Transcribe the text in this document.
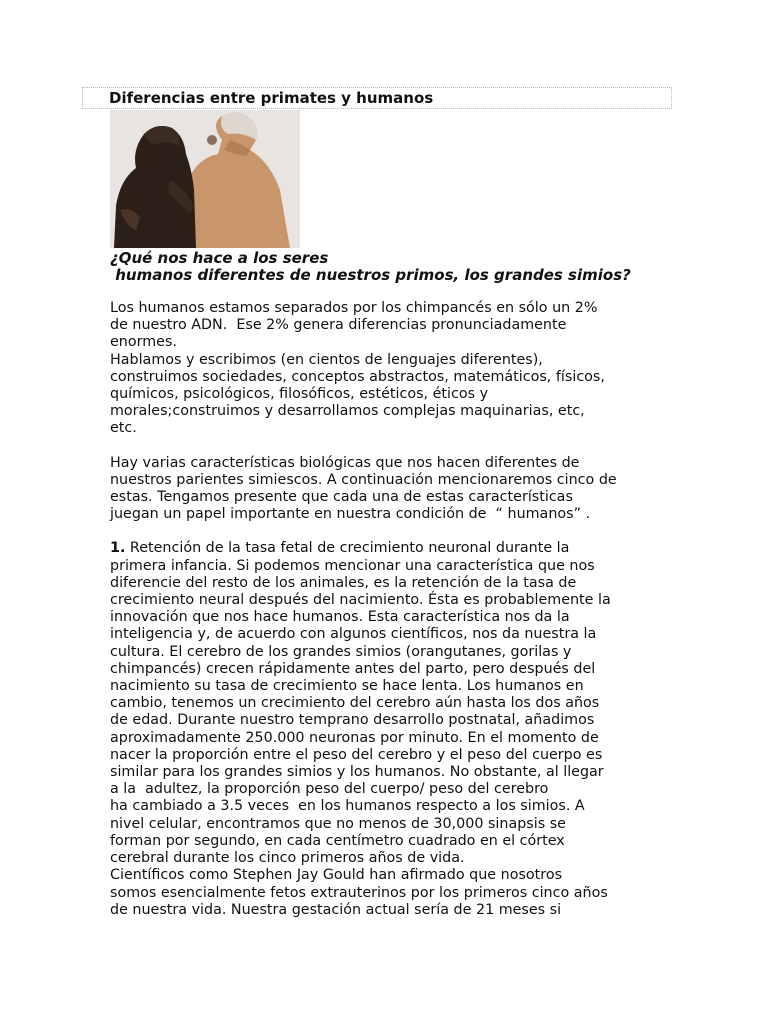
Diferencias entre primates y humanos
¿Qué nos hace a los seres
humanos diferentes de nuestros primos, los grandes simios?

Los humanos estamos separados por los chimpancés en sólo un 2%

de nuestro ADN.  Ese 2% genera diferencias pronunciadamente

enormes.

Hablamos y escribimos (en cientos de lenguajes diferentes),

construimos sociedades, conceptos abstractos, matemáticos, físicos,

químicos, psicológicos, filosóficos, estéticos, éticos y

morales;construimos y desarrollamos complejas maquinarias, etc,

etc.

Hay varias características biológicas que nos hacen diferentes de

nuestros parientes simiescos. A continuación mencionaremos cinco de

estas. Tengamos presente que cada una de estas características

juegan un papel importante en nuestra condición de  “ humanos” .

1. Retención de la tasa fetal de crecimiento neuronal durante la

primera infancia. Si podemos mencionar una característica que nos

diferencie del resto de los animales, es la retención de la tasa de

crecimiento neural después del nacimiento. Ésta es probablemente la

innovación que nos hace humanos. Esta característica nos da la

inteligencia y, de acuerdo con algunos científicos, nos da nuestra la

cultura. El cerebro de los grandes simios (orangutanes, gorilas y

chimpancés) crecen rápidamente antes del parto, pero después del

nacimiento su tasa de crecimiento se hace lenta. Los humanos en

cambio, tenemos un crecimiento del cerebro aún hasta los dos años

de edad. Durante nuestro temprano desarrollo postnatal, añadimos

aproximadamente 250.000 neuronas por minuto. En el momento de

nacer la proporción entre el peso del cerebro y el peso del cuerpo es

similar para los grandes simios y los humanos. No obstante, al llegar

a la  adultez, la proporción peso del cuerpo/ peso del cerebro

ha cambiado a 3.5 veces  en los humanos respecto a los simios. A

nivel celular, encontramos que no menos de 30,000 sinapsis se

forman por segundo, en cada centímetro cuadrado en el córtex

cerebral durante los cinco primeros años de vida.

Científicos como Stephen Jay Gould han afirmado que nosotros

somos esencialmente fetos extrauterinos por los primeros cinco años

de nuestra vida. Nuestra gestación actual sería de 21 meses si
